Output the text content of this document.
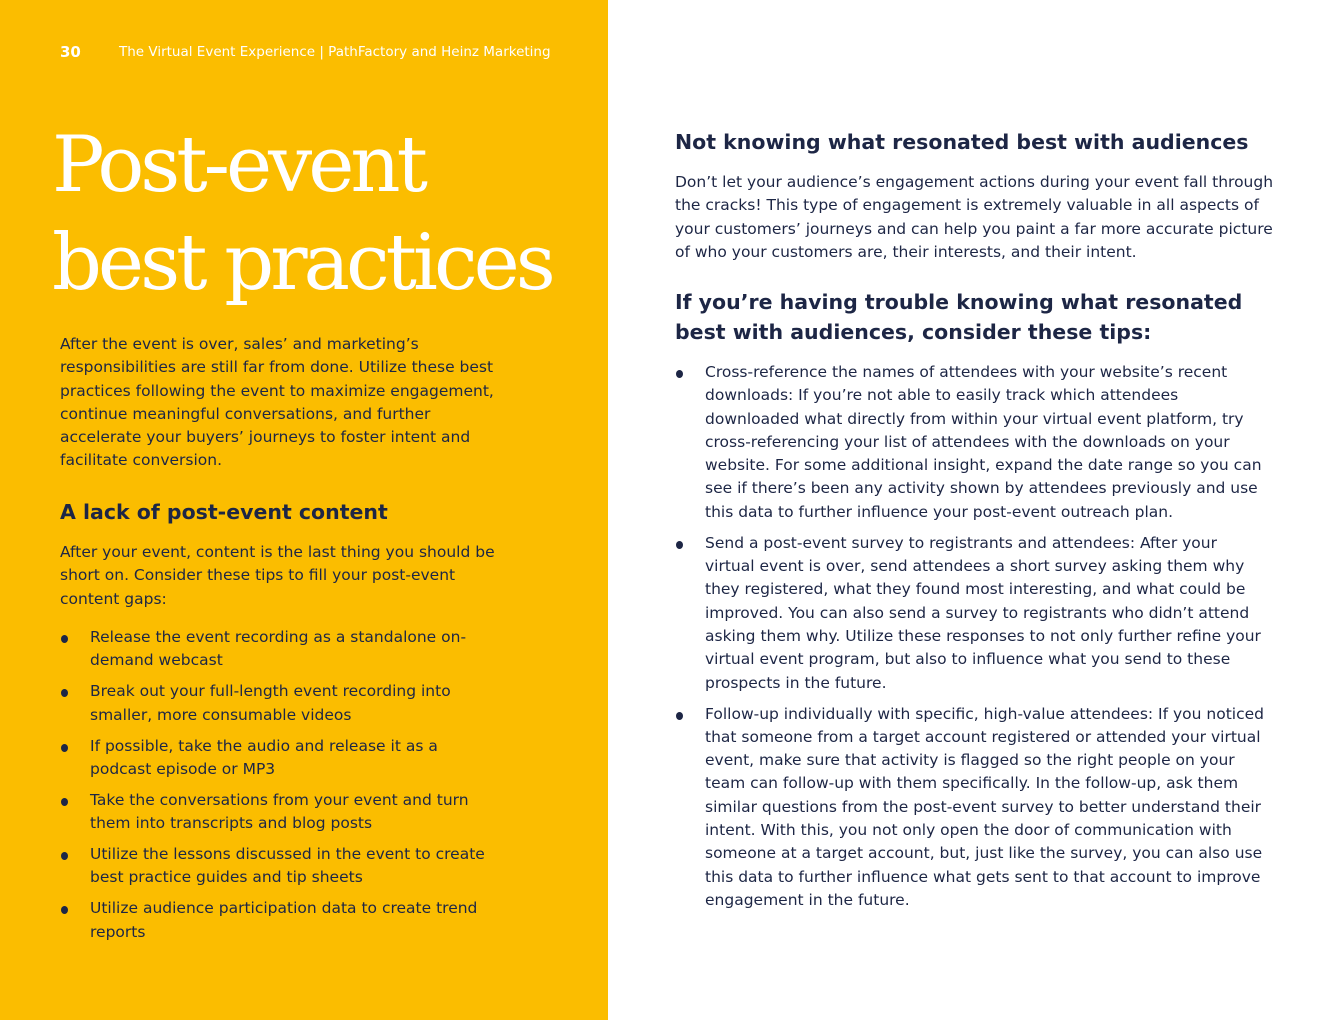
30	The Virtual Event Experience | PathFactory and Heinz Marketing
Post-event
best practices

After the event is over, sales’ and marketing’s responsibilities are still far from done. Utilize these best practices following the event to maximize engagement, continue meaningful conversations, and further accelerate your buyers’ journeys to foster intent and facilitate conversion.

A lack of post-event content

After your event, content is the last thing you should be short on. Consider these tips to fill your post-event content gaps:

Release the event recording as a standalone on-demand webcast
Break out your full-length event recording into smaller, more consumable videos
If possible, take the audio and release it as a podcast episode or MP3
Take the conversations from your event and turn them into transcripts and blog posts
Utilize the lessons discussed in the event to create best practice guides and tip sheets
Utilize audience participation data to create trend reports
Not knowing what resonated best with audiences

Don’t let your audience’s engagement actions during your event fall through the cracks! This type of engagement is extremely valuable in all aspects of your customers’ journeys and can help you paint a far more accurate picture of who your customers are, their interests, and their intent.

If you’re having trouble knowing what resonated best with audiences, consider these tips:
Cross-reference the names of attendees with your website’s recent downloads: If you’re not able to easily track which attendees downloaded what directly from within your virtual event platform, try cross-referencing your list of attendees with the downloads on your website. For some additional insight, expand the date range so you can see if there’s been any activity shown by attendees previously and use this data to further influence your post-event outreach plan.
Send a post-event survey to registrants and attendees: After your virtual event is over, send attendees a short survey asking them why they registered, what they found most interesting, and what could be improved. You can also send a survey to registrants who didn’t attend asking them why. Utilize these responses to not only further refine your virtual event program, but also to influence what you send to these prospects in the future.
Follow-up individually with specific, high-value attendees: If you noticed that someone from a target account registered or attended your virtual event, make sure that activity is flagged so the right people on your team can follow-up with them specifically. In the follow-up, ask them similar questions from the post-event survey to better understand their intent. With this, you not only open the door of communication with someone at a target account, but, just like the survey, you can also use this data to further influence what gets sent to that account to improve engagement in the future.
